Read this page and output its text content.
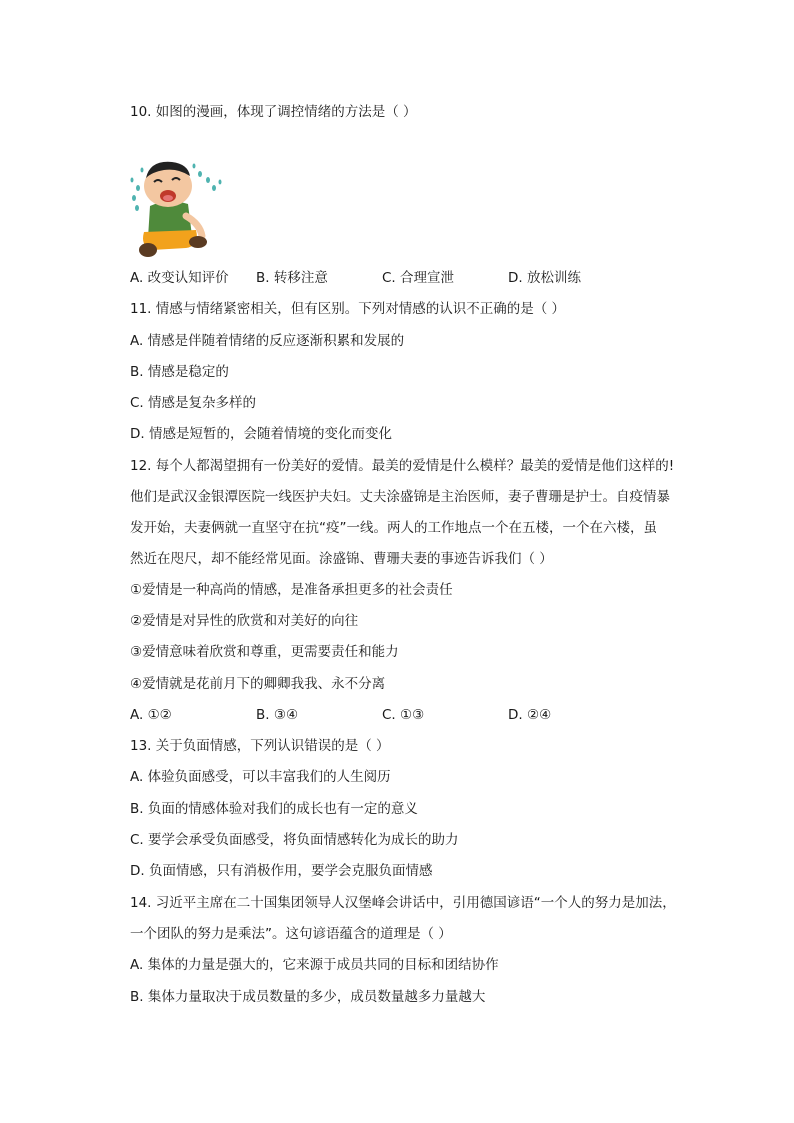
10. 如图的漫画，体现了调控情绪的方法是（ ）
A. 改变认知评价 B. 转移注意	C. 合理宣泄	D. 放松训练
11. 情感与情绪紧密相关，但有区别。下列对情感的认识不正确的是（ ）
A. 情感是伴随着情绪的反应逐渐积累和发展的
B. 情感是稳定的
C. 情感是复杂多样的
D. 情感是短暂的，会随着情境的变化而变化
12. 每个人都渴望拥有一份美好的爱情。最美的爱情是什么模样？最美的爱情是他们这样的!
他们是武汉金银潭医院一线医护夫妇。丈夫涂盛锦是主治医师，妻子曹珊是护士。自疫情暴
发开始，夫妻俩就一直坚守在抗“疫”一线。两人的工作地点一个在五楼，一个在六楼，虽
然近在咫尺，却不能经常见面。涂盛锦、曹珊夫妻的事迹告诉我们（ ）
①爱情是一种高尚的情感，是准备承担更多的社会责任
②爱情是对异性的欣赏和对美好的向往
③爱情意味着欣赏和尊重，更需要责任和能力
④爱情就是花前月下的卿卿我我、永不分离
A. ①②	B. ③④	C. ①③	D. ②④
13. 关于负面情感，下列认识错误的是（ ）
A. 体验负面感受，可以丰富我们的人生阅历
B. 负面的情感体验对我们的成长也有一定的意义
C. 要学会承受负面感受，将负面情感转化为成长的助力
D. 负面情感，只有消极作用，要学会克服负面情感
14. 习近平主席在二十国集团领导人汉堡峰会讲话中，引用德国谚语“一个人的努力是加法，
一个团队的努力是乘法”。这句谚语蕴含的道理是（ ）
A. 集体的力量是强大的，它来源于成员共同的目标和团结协作
B. 集体力量取决于成员数量的多少，成员数量越多力量越大
